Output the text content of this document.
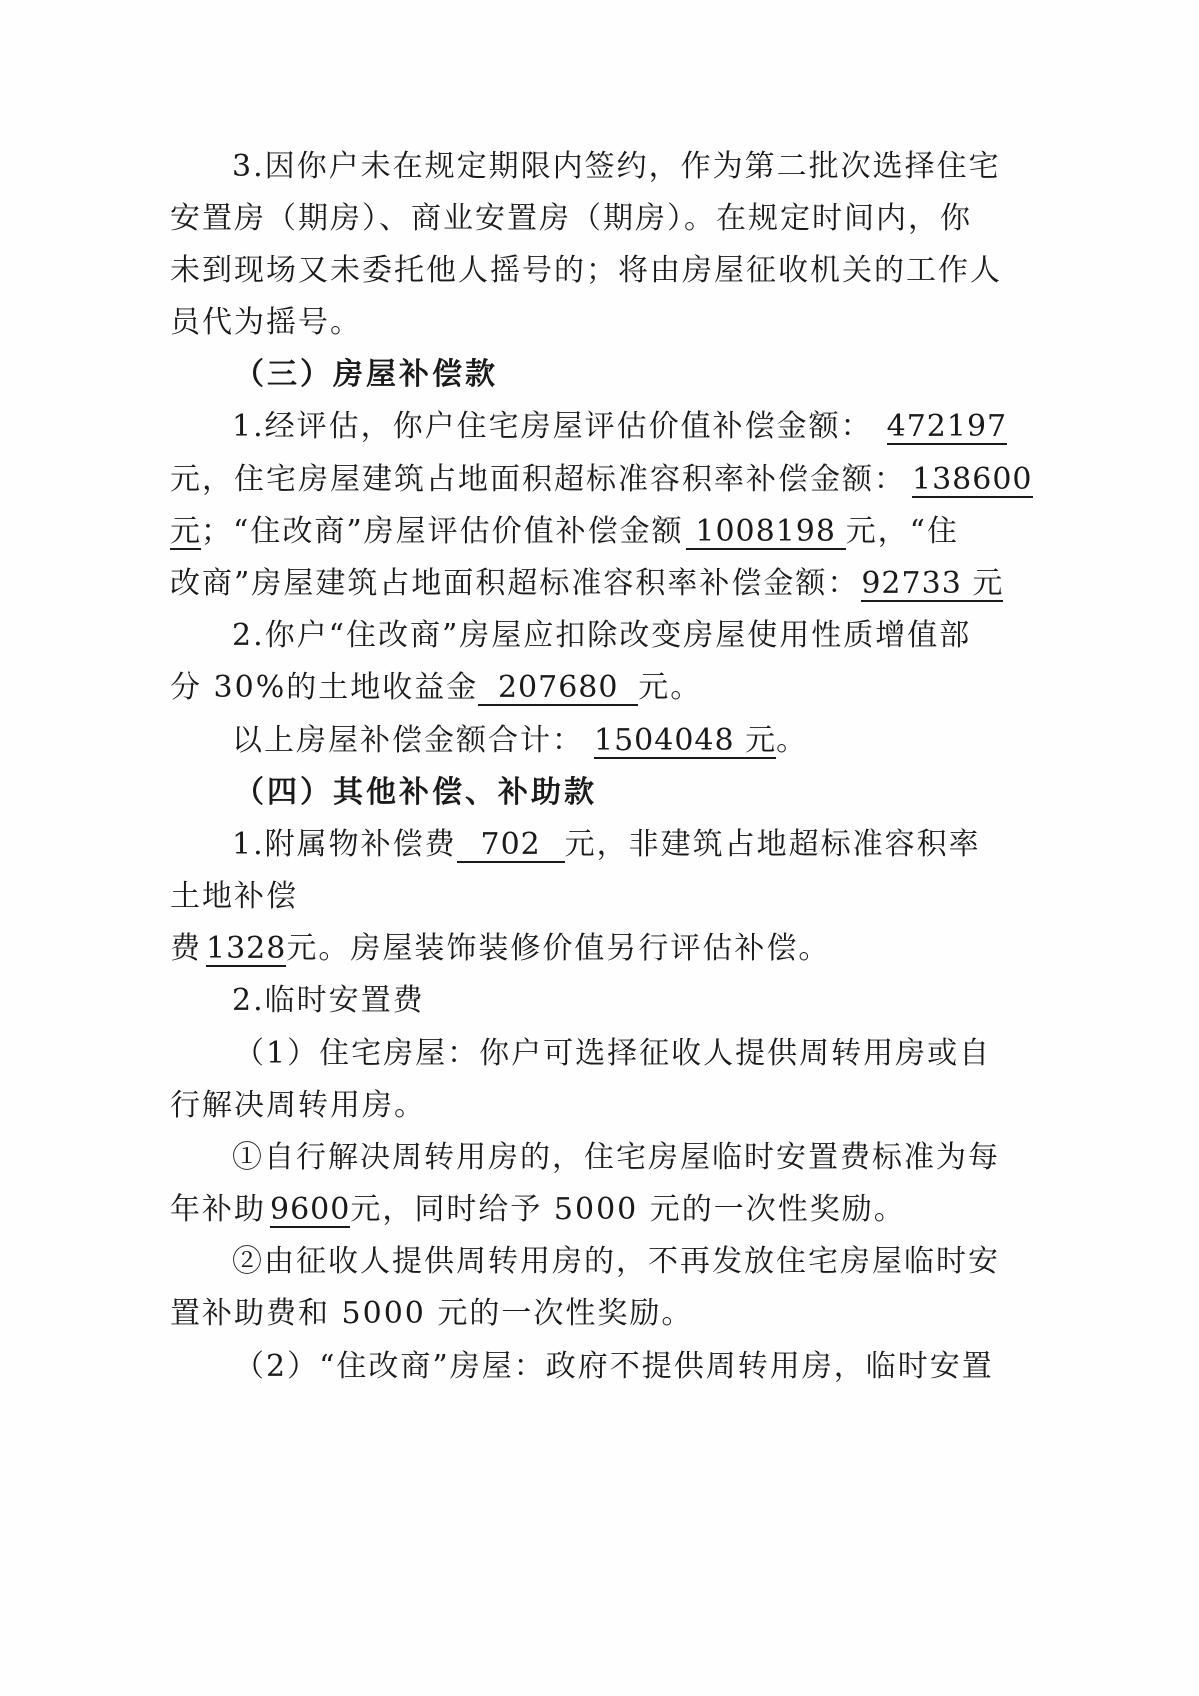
3.因你户未在规定期限内签约，作为第二批次选择住宅
安置房（期房）、商业安置房（期房）。在规定时间内，你
未到现场又未委托他人摇号的；将由房屋征收机关的工作人
员代为摇号。
（三）房屋补偿款
1.经评估，你户住宅房屋评估价值补偿金额： 472197
元，住宅房屋建筑占地面积超标准容积率补偿金额： 138600
元；“住改商”房屋评估价值补偿金额 1008198 元，“住
改商”房屋建筑占地面积超标准容积率补偿金额：92733 元
2.你户“住改商”房屋应扣除改变房屋使用性质增值部
分 30%的土地收益金 207680 元。
以上房屋补偿金额合计： 1504048 元。
（四）其他补偿、补助款
1.附属物补偿费 702 元，非建筑占地超标准容积率
土地补偿
费 1328元。房屋装饰装修价值另行评估补偿。
2.临时安置费
（1）住宅房屋：你户可选择征收人提供周转用房或自
行解决周转用房。
①自行解决周转用房的，住宅房屋临时安置费标准为每
年补助 9600元，同时给予 5000 元的一次性奖励。
②由征收人提供周转用房的，不再发放住宅房屋临时安
置补助费和 5000 元的一次性奖励。
（2）“住改商”房屋：政府不提供周转用房，临时安置
